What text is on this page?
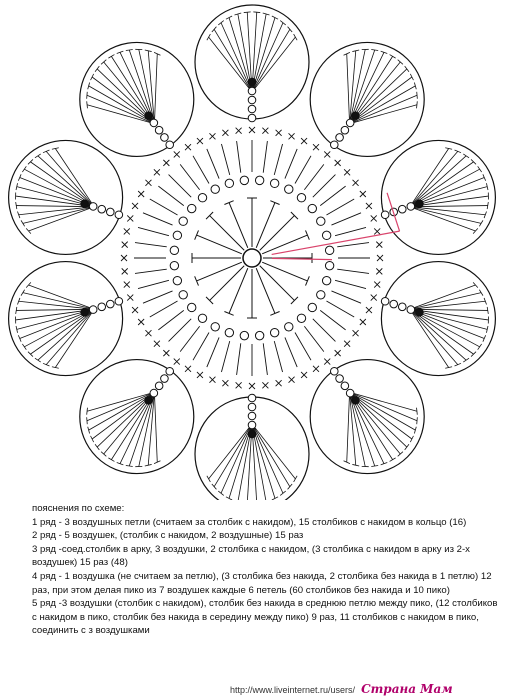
пояснения по схеме:
1 ряд - 3 воздушных петли (считаем за столбик с накидом), 15 столбиков с накидом в кольцо (16)
2 ряд - 5 воздушек, (столбик с накидом, 2 воздушные) 15 раз
3 ряд -соед.столбик в арку, 3 воздушки, 2 столбика с накидом, (3 столбика с накидом в арку из 2-х воздушек) 15 раз (48)
4 ряд - 1 воздушка (не считаем за петлю), (3 столбика без накида, 2 столбика без накида в 1 петлю) 12 раз, при этом делая пико из 7 воздушек каждые 6 петель (60 столбиков без накида и 10 пико)
5 ряд -3 воздушки (столбик с накидом), столбик без накида в среднюю петлю между пико, (12 столбиков с накидом в пико, столбик без накида в середину между пико) 9 раз, 11 столбиков с накидом в пико, соединить с з воздушками
http://www.liveinternet.ru/users/ Страна Мам
